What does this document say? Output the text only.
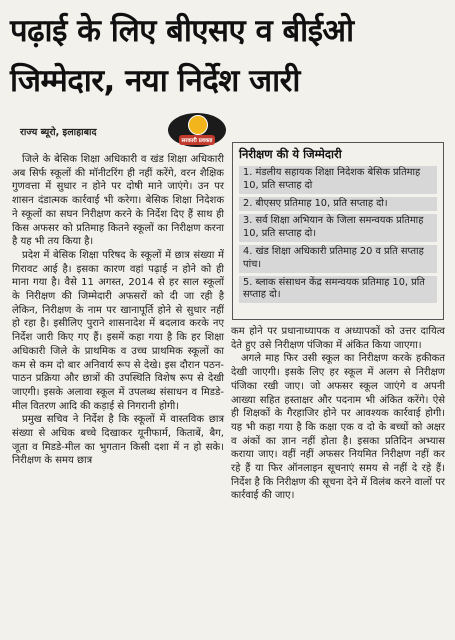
पढ़ाई के लिए बीएसए व बीईओ
जिम्मेदार, नया निर्देश जारी
राज्य ब्यूरो, इलाहाबाद
सरकारी प्रवक्ता

जिले के बेसिक शिक्षा अधिकारी व खंड शिक्षा अधिकारी अब सिर्फ स्कूलों की मॉनीटरिंग ही नहीं करेंगे, वरन शैक्षिक गुणवत्ता में सुधार न होने पर दोषी माने जाएंगे। उन पर शासन दंडात्मक कार्रवाई भी करेगा। बेसिक शिक्षा निदेशक ने स्कूलों का सघन निरीक्षण करने के निर्देश दिए हैं साथ ही किस अफसर को प्रतिमाह कितने स्कूलों का निरीक्षण करना है यह भी तय किया है।

प्रदेश में बेसिक शिक्षा परिषद के स्कूलों में छात्र संख्या में गिरावट आई है। इसका कारण वहां पढ़ाई न होने को ही माना गया है। वैसे 11 अगस्त, 2014 से हर साल स्कूलों के निरीक्षण की जिम्मेदारी अफसरों को दी जा रही है लेकिन, निरीक्षण के नाम पर खानापूर्ति होने से सुधार नहीं हो रहा है। इसीलिए पुराने शासनादेश में बदलाव करके नए निर्देश जारी किए गए हैं। इसमें कहा गया है कि हर शिक्षा अधिकारी जिले के प्राथमिक व उच्च प्राथमिक स्कूलों का कम से कम दो बार अनिवार्य रूप से देखे। इस दौरान पठन-पाठन प्रक्रिया और छात्रों की उपस्थिति विशेष रूप से देखी जाएगी। इसके अलावा स्कूल में उपलब्ध संसाधन व मिडडे-मील वितरण आदि की कड़ाई से निगरानी होगी।

प्रमुख सचिव ने निर्देश है कि स्कूलों में वास्तविक छात्र संख्या से अधिक बच्चे दिखाकर यूनीफार्म, किताबें, बैग, जूता व मिडडे-मील का भुगतान किसी दशा में न हो सके। निरीक्षण के समय छात्र

निरीक्षण की ये जिम्मेदारी
1. मंडलीय सहायक शिक्षा निदेशक बेसिक प्रतिमाह 10, प्रति सप्ताह दो
2. बीएसए प्रतिमाह 10, प्रति सप्ताह दो।
3. सर्व शिक्षा अभियान के जिला समन्वयक प्रतिमाह 10, प्रति सप्ताह दो।
4. खंड शिक्षा अधिकारी प्रतिमाह 20 व प्रति सप्ताह पांच।
5. ब्लाक संसाधन केंद्र समन्वयक प्रतिमाह 10, प्रति सप्ताह दो।

कम होने पर प्रधानाध्यापक व अध्यापकों को उत्तर दायित्व देते हुए उसे निरीक्षण पंजिका में अंकित किया जाएगा।

अगले माह फिर उसी स्कूल का निरीक्षण करके हकीकत देखी जाएगी। इसके लिए हर स्कूल में अलग से निरीक्षण पंजिका रखी जाए। जो अफसर स्कूल जाएंगे व अपनी आख्या सहित हस्ताक्षर और पदनाम भी अंकित करेंगे। ऐसे ही शिक्षकों के गैरहाजिर होने पर आवश्यक कार्रवाई होगी। यह भी कहा गया है कि कक्षा एक व दो के बच्चों को अक्षर व अंकों का ज्ञान नहीं होता है। इसका प्रतिदिन अभ्यास कराया जाए। वहीं नहीं अफसर नियमित निरीक्षण नहीं कर रहे हैं या फिर ऑनलाइन सूचनाएं समय से नहीं दे रहे हैं। निर्देश है कि निरीक्षण की सूचना देने में विलंब करने वालों पर कार्रवाई की जाए।
